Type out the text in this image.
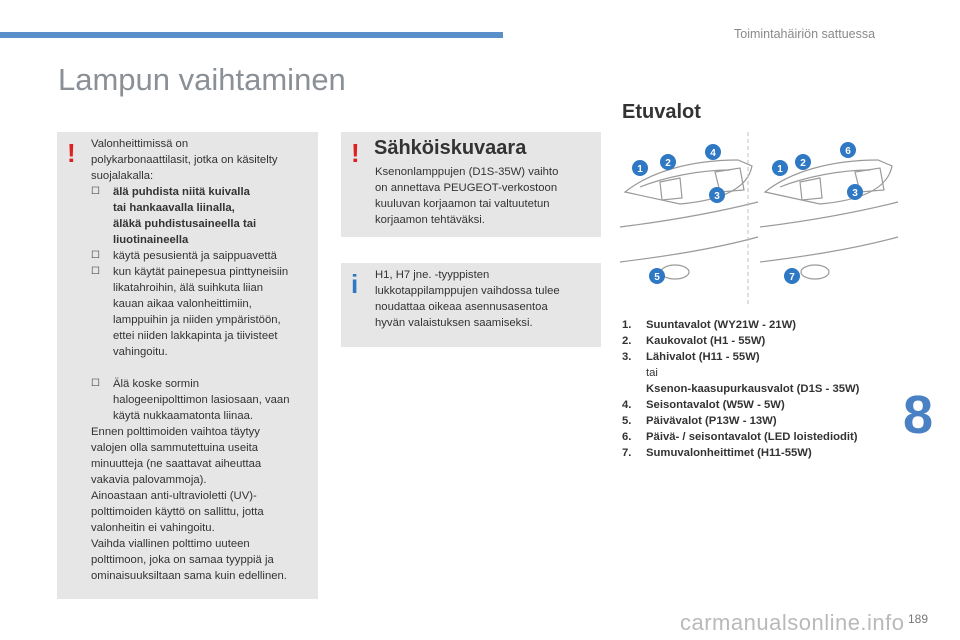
Toimintahäiriön sattuessa
Lampun vaihtaminen
! Valonheittimissä on
polykarbonaattilasit, jotka on käsitelty
suojalakalla:
☐ älä puhdista niitä kuivalla
tai hankaavalla liinalla,
äläkä puhdistusaineella tai
liuotinaineella
☐ käytä pesusientä ja saippuavettä
☐ kun käytät painepesua pinttyneisiin
likatahroihin, älä suihkuta liian
kauan aikaa valonheittimiin,
lamppuihin ja niiden ympäristöön,
ettei niiden lakkapinta ja tiivisteet
vahingoitu.
☐ Älä koske sormin
halogeenipolttimon lasiosaan, vaan
käytä nukkaamatonta liinaa.
Ennen polttimoiden vaihtoa täytyy
valojen olla sammutettuina useita
minuutteja (ne saattavat aiheuttaa
vakavia palovammoja).
Ainoastaan anti-ultravioletti (UV)-
polttimoiden käyttö on sallittu, jotta
valonheitin ei vahingoitu.
Vaihda viallinen polttimo uuteen
polttimoon, joka on samaa tyyppiä ja
ominaisuuksiltaan sama kuin edellinen.
! Sähköiskuvaara
Ksenonlamppujen (D1S-35W) vaihto
on annettava PEUGEOT-verkostoon
kuuluvan korjaamon tai valtuutetun
korjaamon tehtäväksi.
i H1, H7 jne. -tyyppisten
lukkotappilamppujen vaihdossa tulee
noudattaa oikeaa asennusasentoa
hyvän valaistuksen saamiseksi.
Etuvalot
1
2
4
3
5
1
2
6
3
7
1. Suuntavalot (WY21W - 21W)
2. Kaukovalot (H1 - 55W)
3. Lähivalot (H11 - 55W)
tai
Ksenon-kaasupurkausvalot (D1S - 35W)
4. Seisontavalot (W5W - 5W)
5. Päivävalot (P13W - 13W)
6. Päivä- / seisontavalot (LED loistediodit)
7. Sumuvalonheittimet (H11-55W)
8
carmanualsonline.info 189
